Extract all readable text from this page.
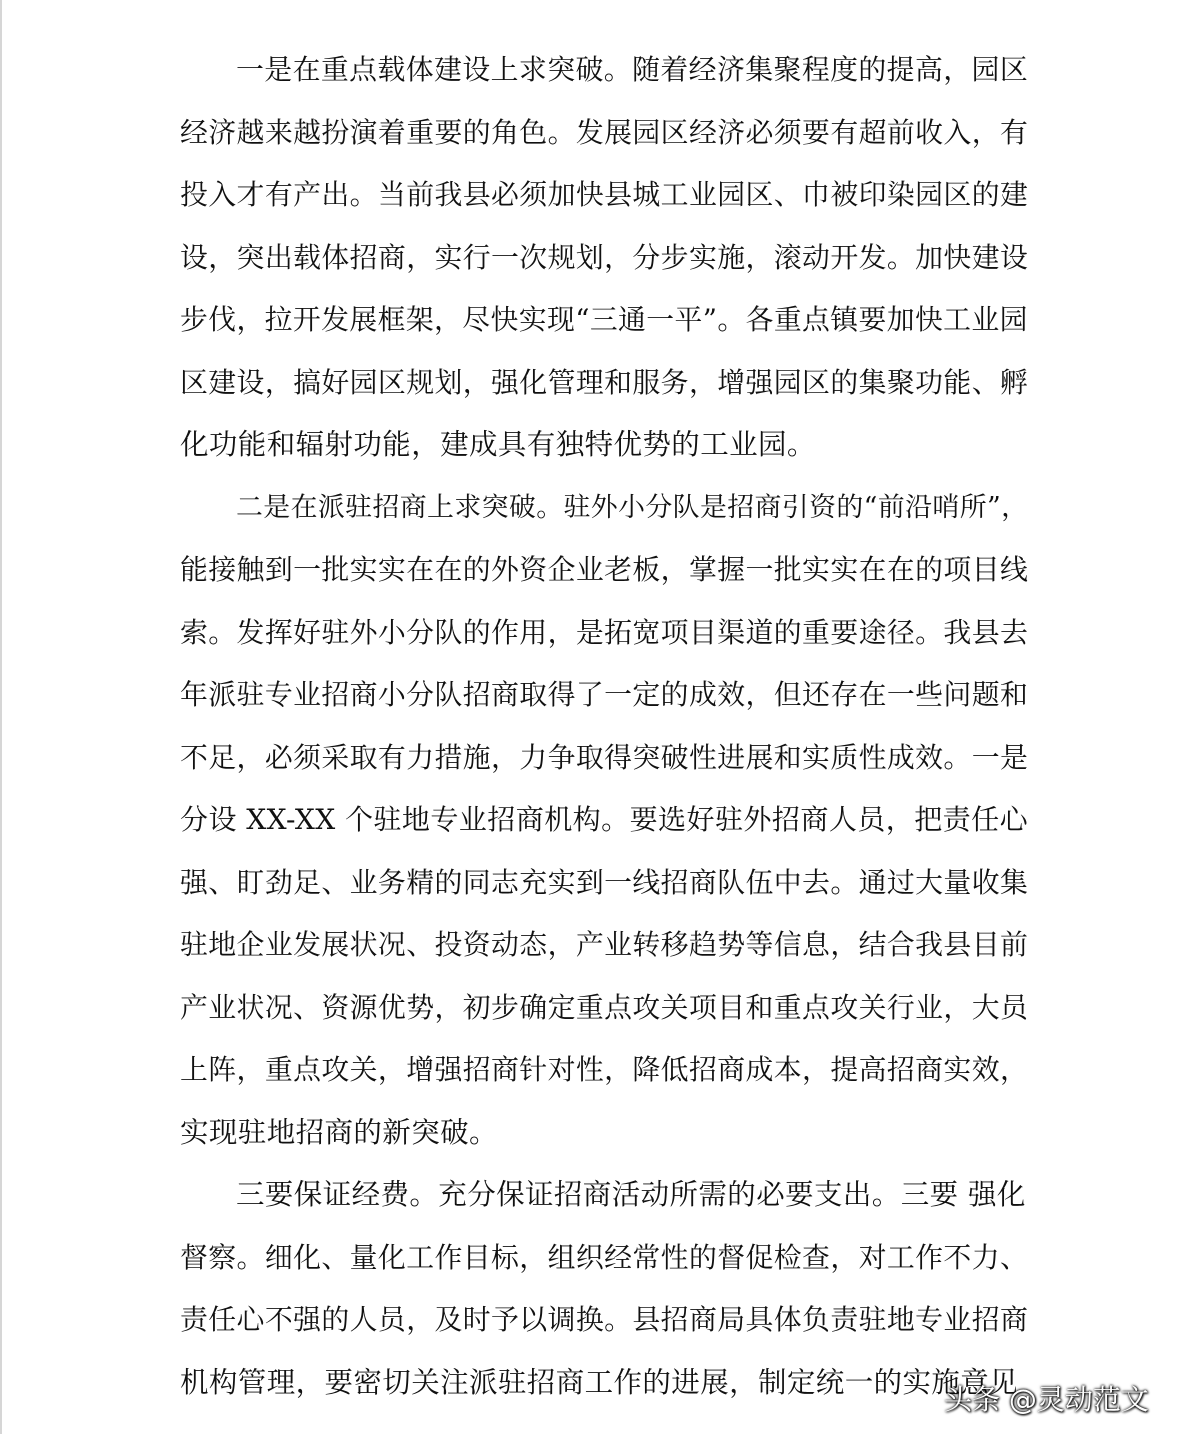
一是在重点载体建设上求突破。随着经济集聚程度的提高，园区
经济越来越扮演着重要的角色。发展园区经济必须要有超前收入，有
投入才有产出。当前我县必须加快县城工业园区、巾被印染园区的建
设，突出载体招商，实行一次规划，分步实施，滚动开发。加快建设
步伐，拉开发展框架，尽快实现“三通一平”。各重点镇要加快工业园
区建设，搞好园区规划，强化管理和服务，增强园区的集聚功能、孵
化功能和辐射功能，建成具有独特优势的工业园。
二是在派驻招商上求突破。驻外小分队是招商引资的“前沿哨所”，
能接触到一批实实在在的外资企业老板，掌握一批实实在在的项目线
索。发挥好驻外小分队的作用，是拓宽项目渠道的重要途径。我县去
年派驻专业招商小分队招商取得了一定的成效，但还存在一些问题和
不足，必须采取有力措施，力争取得突破性进展和实质性成效。一是
分设 XX-XX 个驻地专业招商机构。要选好驻外招商人员，把责任心
强、盯劲足、业务精的同志充实到一线招商队伍中去。通过大量收集
驻地企业发展状况、投资动态，产业转移趋势等信息，结合我县目前
产业状况、资源优势，初步确定重点攻关项目和重点攻关行业，大员
上阵，重点攻关，增强招商针对性，降低招商成本，提高招商实效，
实现驻地招商的新突破。
三要保证经费。充分保证招商活动所需的必要支出。三要 强化
督察。细化、量化工作目标，组织经常性的督促检查，对工作不力、
责任心不强的人员，及时予以调换。县招商局具体负责驻地专业招商
机构管理，要密切关注派驻招商工作的进展，制定统一的实施意见
头条 @灵动范文
